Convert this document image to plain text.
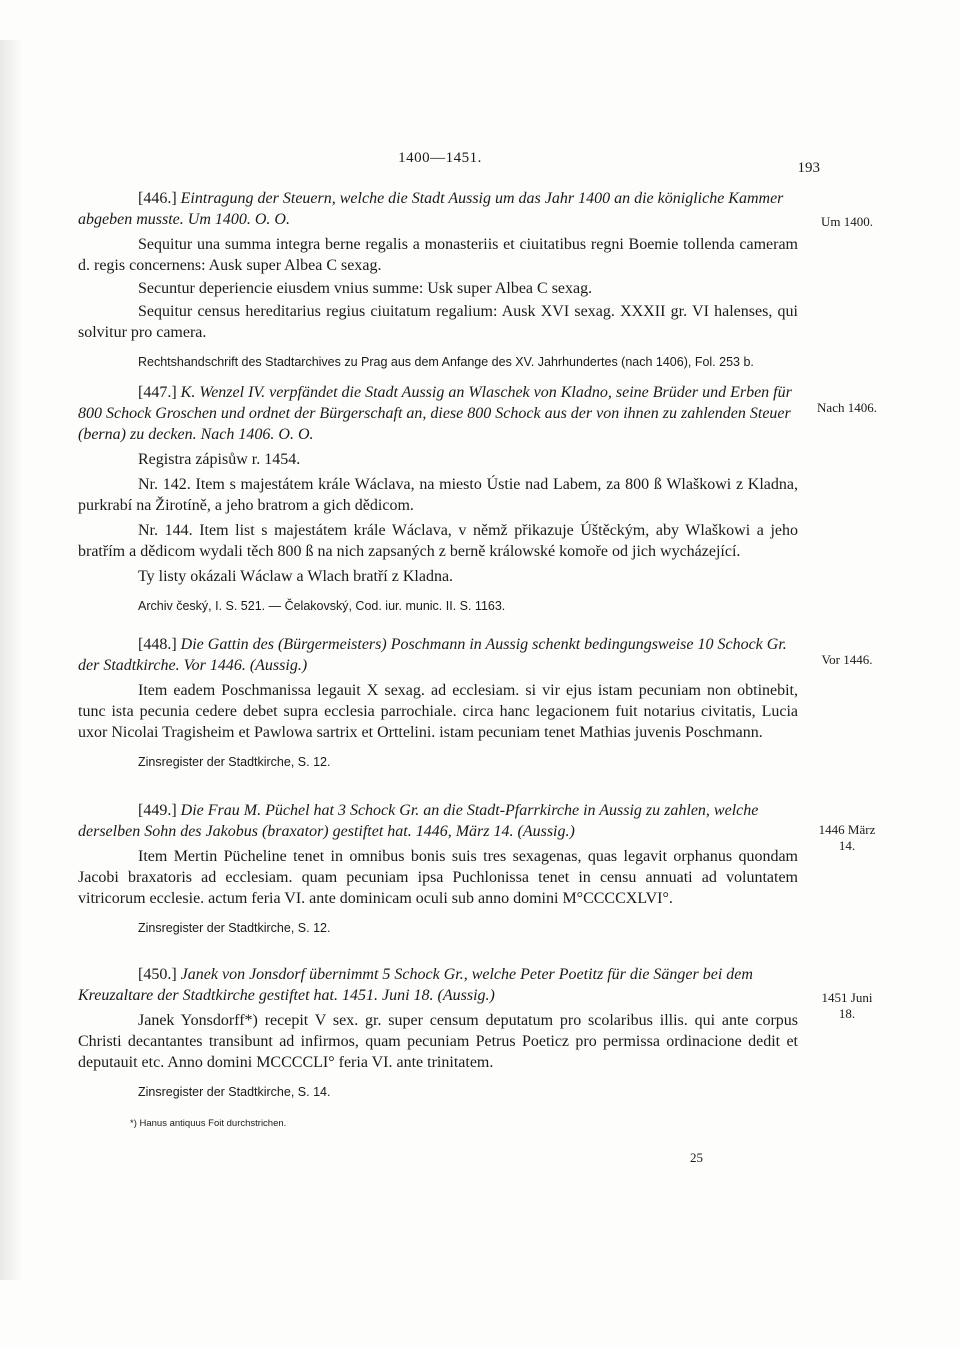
1400—1451.
193

[446.] Eintragung der Steuern, welche die Stadt Aussig um das Jahr 1400 an die königliche Kammer abgeben musste. Um 1400. O. O.

Sequitur una summa integra berne regalis a monasteriis et ciuitatibus regni Boemie tollenda cameram d. regis concernens: Ausk super Albea C sexag.

Secuntur deperiencie eiusdem vnius summe: Usk super Albea C sexag.

Sequitur census hereditarius regius ciuitatum regalium: Ausk XVI sexag. XXXII gr. VI halenses, qui solvitur pro camera.

Rechtshandschrift des Stadtarchives zu Prag aus dem Anfange des XV. Jahrhundertes (nach 1406), Fol. 253 b.

Um 1400.

[447.] K. Wenzel IV. verpfändet die Stadt Aussig an Wlaschek von Kladno, seine Brüder und Erben für 800 Schock Groschen und ordnet der Bürgerschaft an, diese 800 Schock aus der von ihnen zu zahlenden Steuer (berna) zu decken. Nach 1406. O. O.

Registra zápisůw r. 1454.

Nr. 142. Item s majestátem krále Wáclava, na miesto Ústie nad Labem, za 800 ß Wlaškowi z Kladna, purkrabí na Žirotíně, a jeho bratrom a gich dědicom.

Nr. 144. Item list s majestátem krále Wáclava, v němž přikazuje Úštěckým, aby Wlaškowi a jeho bratřím a dědicom wydali těch 800 ß na nich zapsaných z berně králowské komoře od jich wycházející.

Ty listy okázali Wáclaw a Wlach bratří z Kladna.

Archiv český, I. S. 521. — Čelakovský, Cod. iur. munic. II. S. 1163.

Nach 1406.

[448.] Die Gattin des (Bürgermeisters) Poschmann in Aussig schenkt bedingungsweise 10 Schock Gr. der Stadtkirche. Vor 1446. (Aussig.)

Item eadem Poschmanissa legauit X sexag. ad ecclesiam. si vir ejus istam pecuniam non obtinebit, tunc ista pecunia cedere debet supra ecclesia parrochiale. circa hanc legacionem fuit notarius civitatis, Lucia uxor Nicolai Tragisheim et Pawlowa sartrix et Orttelini. istam pecuniam tenet Mathias juvenis Poschmann.

Zinsregister der Stadtkirche, S. 12.

Vor 1446.

[449.] Die Frau M. Püchel hat 3 Schock Gr. an die Stadt-Pfarrkirche in Aussig zu zahlen, welche derselben Sohn des Jakobus (braxator) gestiftet hat. 1446, März 14. (Aussig.)

Item Mertin Pücheline tenet in omnibus bonis suis tres sexagenas, quas legavit orphanus quondam Jacobi braxatoris ad ecclesiam. quam pecuniam ipsa Puchlonissa tenet in censu annuati ad voluntatem vitricorum ecclesie. actum feria VI. ante dominicam oculi sub anno domini M°CCCCXLVI°.

Zinsregister der Stadtkirche, S. 12.

1446 März 14.

[450.] Janek von Jonsdorf übernimmt 5 Schock Gr., welche Peter Poetitz für die Sänger bei dem Kreuzaltare der Stadtkirche gestiftet hat. 1451. Juni 18. (Aussig.)

Janek Yonsdorff*) recepit V sex. gr. super censum deputatum pro scolaribus illis. qui ante corpus Christi decantantes transibunt ad infirmos, quam pecuniam Petrus Poeticz pro permissa ordinacione dedit et deputauit etc. Anno domini MCCCCLI° feria VI. ante trinitatem.

Zinsregister der Stadtkirche, S. 14.

1451 Juni 18.
*) Hanus antiquus Foit durchstrichen.
25
